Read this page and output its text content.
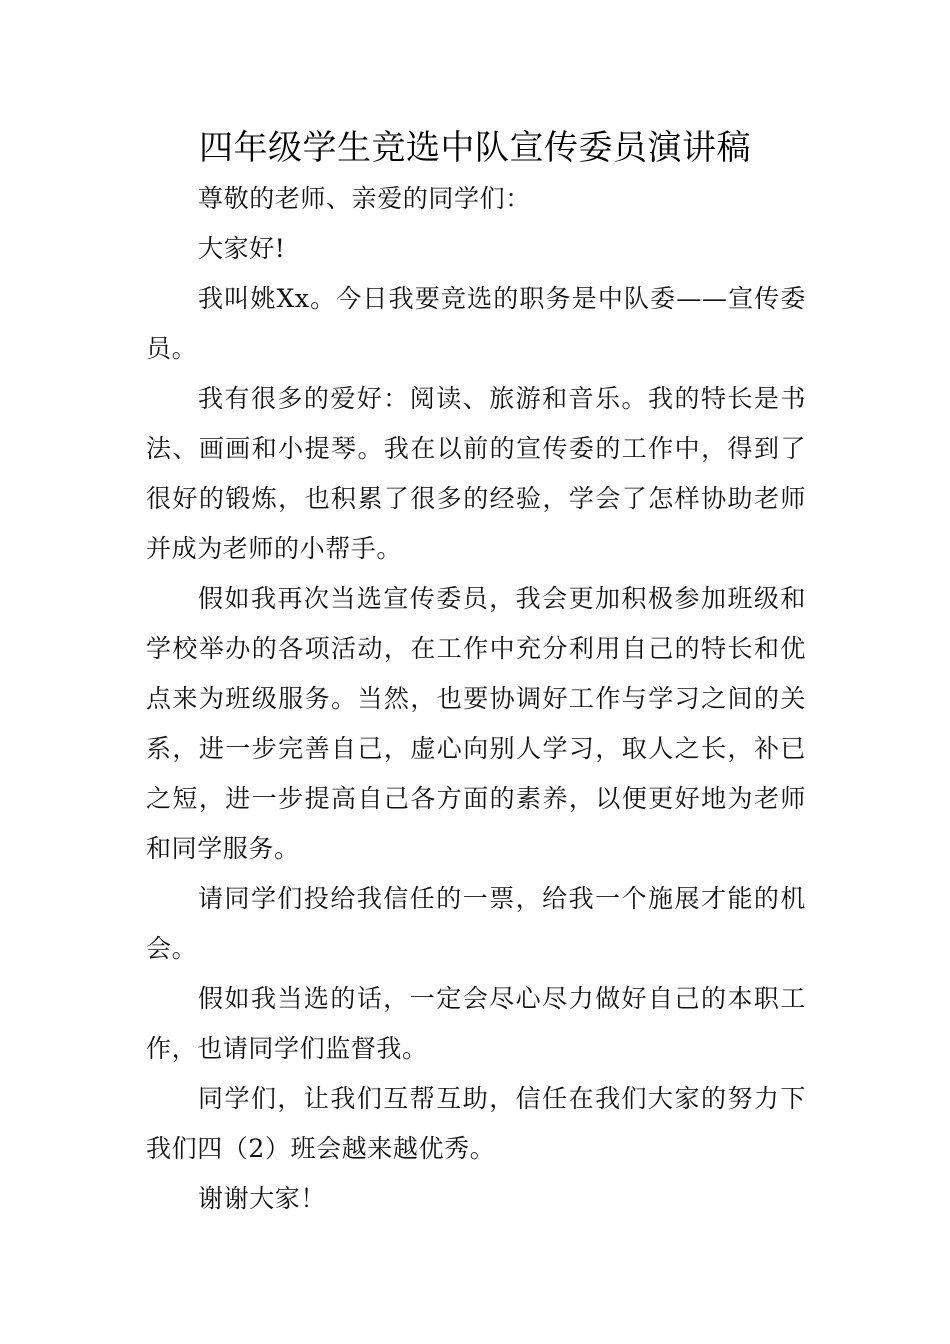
四年级学生竞选中队宣传委员演讲稿

尊敬的老师、亲爱的同学们：

大家好!

我叫姚Xx。今日我要竞选的职务是中队委——宣传委员。

我有很多的爱好：阅读、旅游和音乐。我的特长是书法、画画和小提琴。我在以前的宣传委的工作中，得到了很好的锻炼，也积累了很多的经验，学会了怎样协助老师并成为老师的小帮手。

假如我再次当选宣传委员，我会更加积极参加班级和学校举办的各项活动，在工作中充分利用自己的特长和优点来为班级服务。当然，也要协调好工作与学习之间的关系，进一步完善自己，虚心向别人学习，取人之长，补已之短，进一步提高自己各方面的素养，以便更好地为老师和同学服务。

请同学们投给我信任的一票，给我一个施展才能的机会。

假如我当选的话，一定会尽心尽力做好自己的本职工作，也请同学们监督我。

同学们，让我们互帮互助，信任在我们大家的努力下我们四（2）班会越来越优秀。

谢谢大家！
